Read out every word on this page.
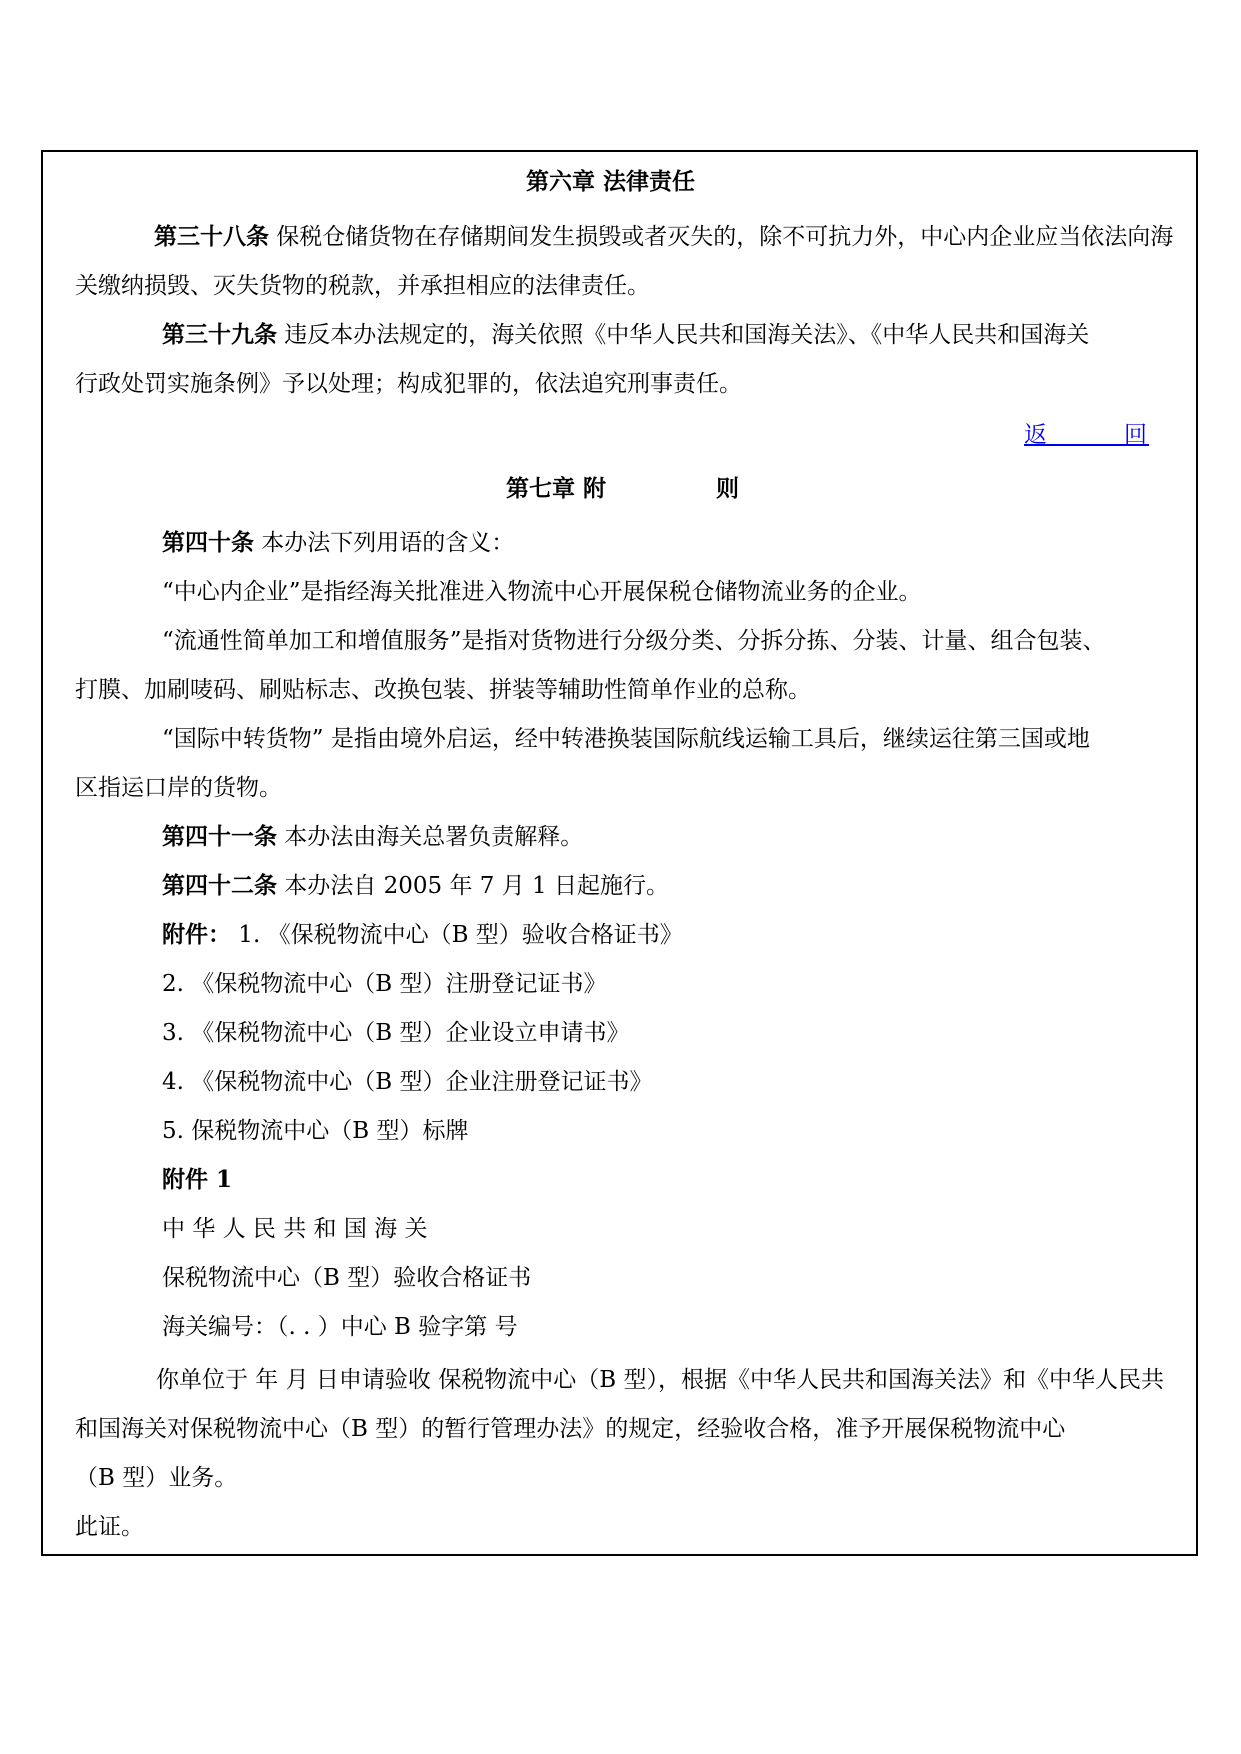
第六章 法律责任
第三十八条 保税仓储货物在存储期间发生损毁或者灭失的，除不可抗力外，中心内企业应当依法向海
关缴纳损毁、灭失货物的税款，并承担相应的法律责任。
第三十九条 违反本办法规定的，海关依照《中华人民共和国海关法》、《中华人民共和国海关
行政处罚实施条例》予以处理；构成犯罪的，依法追究刑事责任。
返　　　回
第七章 附	则
第四十条 本办法下列用语的含义：
“中心内企业”是指经海关批准进入物流中心开展保税仓储物流业务的企业。
“流通性简单加工和增值服务”是指对货物进行分级分类、分拆分拣、分装、计量、组合包装、
打膜、加刷唛码、刷贴标志、改换包装、拼装等辅助性简单作业的总称。
“国际中转货物” 是指由境外启运，经中转港换装国际航线运输工具后，继续运往第三国或地
区指运口岸的货物。
第四十一条 本办法由海关总署负责解释。
第四十二条 本办法自 2005 年 7 月 1 日起施行。
附件： 1. 《保税物流中心（B 型）验收合格证书》
2. 《保税物流中心（B 型）注册登记证书》
3. 《保税物流中心（B 型）企业设立申请书》
4. 《保税物流中心（B 型）企业注册登记证书》
5. 保税物流中心（B 型）标牌
附件 1
中 华 人 民 共 和 国 海 关
保税物流中心（B 型）验收合格证书
海关编号：（. . ）中心 B 验字第 号
你单位于 年 月 日申请验收 保税物流中心（B 型），根据《中华人民共和国海关法》和《中华人民共
和国海关对保税物流中心（B 型）的暂行管理办法》的规定，经验收合格，准予开展保税物流中心
（B 型）业务。
此证。
